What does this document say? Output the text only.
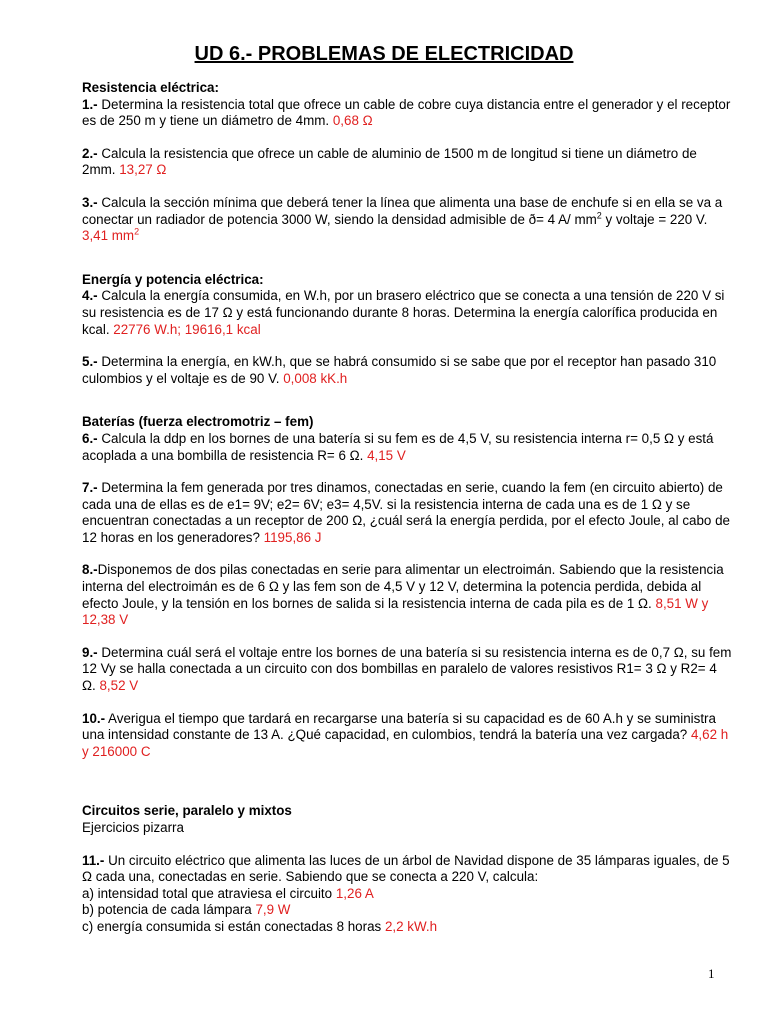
UD 6.- PROBLEMAS DE ELECTRICIDAD

Resistencia eléctrica:

1.- Determina la resistencia total que ofrece un cable de cobre cuya distancia entre el generador y el receptor es de 250 m y tiene un diámetro de 4mm. 0,68 Ω

2.- Calcula la resistencia que ofrece un cable de aluminio de 1500 m de longitud si tiene un diámetro de 2mm. 13,27 Ω

3.- Calcula la sección mínima que deberá tener la línea que alimenta una base de enchufe si en ella se va a conectar un radiador de potencia 3000 W, siendo la densidad admisible de ð= 4 A/ $mm^2$ y voltaje = 220 V. 3,41 $mm^2$

Energía y potencia eléctrica:

4.- Calcula la energía consumida, en W.h, por un brasero eléctrico que se conecta a una tensión de 220 V si su resistencia es de 17 Ω y está funcionando durante 8 horas. Determina la energía calorífica producida en kcal. 22776 W.h; 19616,1 kcal

5.- Determina la energía, en kW.h, que se habrá consumido si se sabe que por el receptor han pasado 310 culombios y el voltaje es de 90 V. 0,008 kK.h

Baterías (fuerza electromotriz – fem)

6.- Calcula la ddp en los bornes de una batería si su fem es de 4,5 V, su resistencia interna r= 0,5 Ω y está acoplada a una bombilla de resistencia R= 6 Ω. 4,15 V

7.- Determina la fem generada por tres dinamos, conectadas en serie, cuando la fem (en circuito abierto) de cada una de ellas es de e1= 9V; e2= 6V; e3= 4,5V. si la resistencia interna de cada una es de 1 Ω y se encuentran conectadas a un receptor de 200 Ω, ¿cuál será la energía perdida, por el efecto Joule, al cabo de 12 horas en los generadores? 1195,86 J

8.-Disponemos de dos pilas conectadas en serie para alimentar un electroimán. Sabiendo que la resistencia interna del electroimán es de 6 Ω y las fem son de 4,5 V y 12 V, determina la potencia perdida, debida al efecto Joule, y la tensión en los bornes de salida si la resistencia interna de cada pila es de 1 Ω. 8,51 W y 12,38 V

9.- Determina cuál será el voltaje entre los bornes de una batería si su resistencia interna es de 0,7 Ω, su fem 12 Vy se halla conectada a un circuito con dos bombillas en paralelo de valores resistivos R1= 3 Ω y R2= 4 Ω. 8,52 V

10.- Averigua el tiempo que tardará en recargarse una batería si su capacidad es de 60 A.h y se suministra una intensidad constante de 13 A. ¿Qué capacidad, en culombios, tendrá la batería una vez cargada? 4,62 h y 216000 C

Circuitos serie, paralelo y mixtos

Ejercicios pizarra

11.- Un circuito eléctrico que alimenta las luces de un árbol de Navidad dispone de 35 lámparas iguales, de 5 Ω cada una, conectadas en serie. Sabiendo que se conecta a 220 V, calcula:

a) intensidad total que atraviesa el circuito 1,26 A

b) potencia de cada lámpara 7,9 W

c) energía consumida si están conectadas 8 horas 2,2 kW.h

1
